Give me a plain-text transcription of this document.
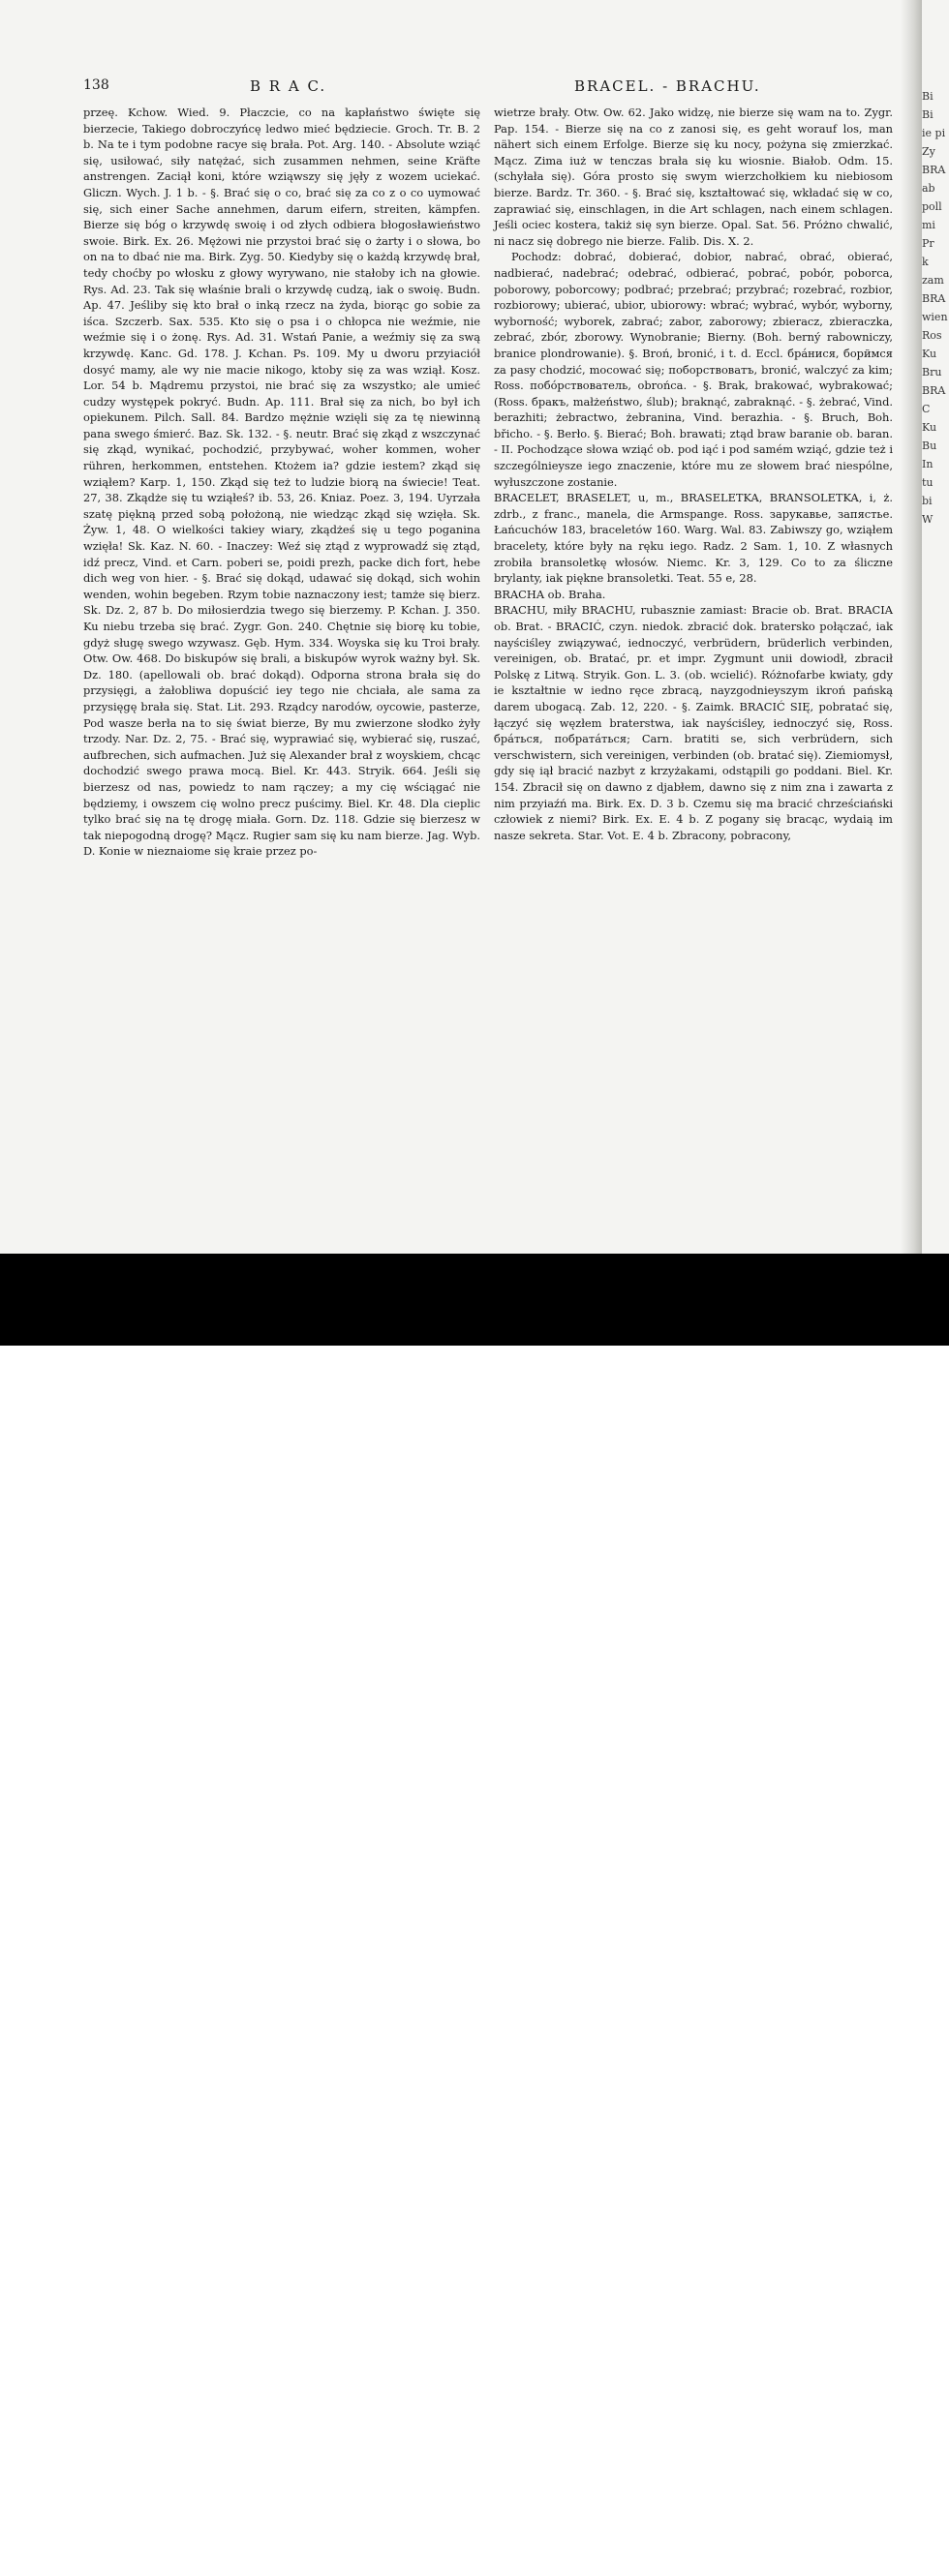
138	B R A C.	BRACEL. - BRACHU.

przeę. Kchow. Wied. 9. Płaczcie, co na kapłaństwo święte się bierzecie, Takiego dobroczyńcę ledwo mieć będziecie. Groch. Tr. B. 2 b. Na te i tym podobne racye się brała. Pot. Arg. 140. - Absolute wziąć się, usiłować, siły natężać, sich zusammen nehmen, seine Kräfte anstrengen. Zaciął koni, które wziąwszy się jęły z wozem uciekać. Gliczn. Wych. J. 1 b. - §. Brać się o co, brać się za co z o co uymować się, sich einer Sache annehmen, darum eifern, streiten, kämpfen. Bierze się bóg o krzywdę swoię i od złych odbiera błogosławieństwo swoie. Birk. Ex. 26. Mężowi nie przystoi brać się o żarty i o słowa, bo on na to dbać nie ma. Birk. Zyg. 50. Kiedyby się o każdą krzywdę brał, tedy choćby po włosku z głowy wyrywano, nie stałoby ich na głowie. Rys. Ad. 23. Tak się właśnie brali o krzywdę cudzą, iak o swoię. Budn. Ap. 47. Jeśliby się kto brał o inką rzecz na żyda, biorąc go sobie za iśca. Szczerb. Sax. 535. Kto się o psa i o chłopca nie weźmie, nie weźmie się i o żonę. Rys. Ad. 31. Wstań Panie, a weźmiy się za swą krzywdę. Kanc. Gd. 178. J. Kchan. Ps. 109. My u dworu przyiaciół dosyć mamy, ale wy nie macie nikogo, ktoby się za was wziął. Kosz. Lor. 54 b. Mądremu przystoi, nie brać się za wszystko; ale umieć cudzy występek pokryć. Budn. Ap. 111. Brał się za nich, bo był ich opiekunem. Pilch. Sall. 84. Bardzo mężnie wzięli się za tę niewinną pana swego śmierć. Baz. Sk. 132. - §. neutr. Brać się zkąd z wszczynać się zkąd, wynikać, pochodzić, przybywać, woher kommen, woher rühren, herkommen, entstehen. Ktożem ia? gdzie iestem? zkąd się wziąłem? Karp. 1, 150. Zkąd się też to ludzie biorą na świecie! Teat. 27, 38. Zkądże się tu wziąłeś? ib. 53, 26. Kniaz. Poez. 3, 194. Uyrzała szatę piękną przed sobą położoną, nie wiedząc zkąd się wzięła. Sk. Żyw. 1, 48. O wielkości takiey wiary, zkądżeś się u tego poganina wzięła! Sk. Kaz. N. 60. - Inaczey: Weź się ztąd z wyprowadź się ztąd, idź precz, Vind. et Carn. poberi se, poidi prezh, packe dich fort, hebe dich weg von hier. - §. Brać się dokąd, udawać się dokąd, sich wohin wenden, wohin begeben. Rzym tobie naznaczony iest; tamże się bierz. Sk. Dz. 2, 87 b. Do miłosierdzia twego się bierzemy. P. Kchan. J. 350. Ku niebu trzeba się brać. Zygr. Gon. 240. Chętnie się biorę ku tobie, gdyż sługę swego wzywasz. Gęb. Hym. 334. Woyska się ku Troi brały. Otw. Ow. 468. Do biskupów się brali, a biskupów wyrok ważny był. Sk. Dz. 180. (apellowali ob. brać dokąd). Odporna strona brała się do przysięgi, a żałobliwa dopuścić iey tego nie chciała, ale sama za przysięgę brała się. Stat. Lit. 293. Rządcy narodów, oycowie, pasterze, Pod wasze berła na to się świat bierze, By mu zwierzone słodko żyły trzody. Nar. Dz. 2, 75. - Brać się, wyprawiać się, wybierać się, ruszać, aufbrechen, sich aufmachen. Już się Alexander brał z woyskiem, chcąc dochodzić swego prawa mocą. Biel. Kr. 443. Stryik. 664. Jeśli się bierzesz od nas, powiedz to nam rączey; a my cię wściągać nie będziemy, i owszem cię wolno precz puścimy. Biel. Kr. 48. Dla cieplic tylko brać się na tę drogę miała. Gorn. Dz. 118. Gdzie się bierzesz w tak niepogodną drogę? Mącz. Rugier sam się ku nam bierze. Jag. Wyb. D. Konie w nieznaiome się kraie przez po-

wietrze brały. Otw. Ow. 62. Jako widzę, nie bierze się wam na to. Zygr. Pap. 154. - Bierze się na co z zanosi się, es geht worauf los, man nähert sich einem Erfolge. Bierze się ku nocy, pożyna się zmierzkać. Mącz. Zima iuż w tenczas brała się ku wiosnie. Białob. Odm. 15. (schyłała się). Góra prosto się swym wierzchołkiem ku niebiosom bierze. Bardz. Tr. 360. - §. Brać się, kształtować się, wkładać się w co, zaprawiać się, einschlagen, in die Art schlagen, nach einem schlagen. Jeśli ociec kostera, takiż się syn bierze. Opal. Sat. 56. Próżno chwalić, ni nacz się dobrego nie bierze. Falib. Dis. X. 2.

Pochodz: dobrać, dobierać, dobior, nabrać, obrać, obierać, nadbierać, nadebrać; odebrać, odbierać, pobrać, pobór, poborca, poborowy, poborcowy; podbrać; przebrać; przybrać; rozebrać, rozbior, rozbiorowy; ubierać, ubior, ubiorowy: wbrać; wybrać, wybór, wyborny, wyborność; wyborek, zabrać; zabor, zaborowy; zbieracz, zbieraczka, zebrać, zbór, zborowy. Wynobranie; Bierny. (Boh. berný rabowniczy, branice plondrowanie). §. Broń, bronić, i t. d. Eccl. брáнися, борймся za pasy chodzić, mocować się; поборствоватъ, bronić, walczyć za kim; Ross. побóрствователь, obrońca. - §. Brak, brakować, wybrakować; (Ross. бракъ, małżeństwo, ślub); braknąć, zabraknąć. - §. żebrać, Vind. berazhiti; żebractwo, żebranina, Vind. berazhia. - §. Bruch, Boh. břicho. - §. Berło. §. Bierać; Boh. brawati; ztąd braw baranie ob. baran. - II. Pochodzące słowa wziąć ob. pod iąć i pod samém wziąć, gdzie też i szczególnieysze iego znaczenie, które mu ze słowem brać niespólne, wyłuszczone zostanie.

BRACELET, BRASELET, u, m., BRASELETKA, BRANSOLETKA, i, ż. zdrb., z franc., manela, die Armspange. Ross. зарукавье, запястье. Łańcuchów 183, braceletów 160. Warg. Wal. 83. Zabiwszy go, wziąłem bracelety, które były na ręku iego. Radz. 2 Sam. 1, 10. Z własnych zrobiła bransoletkę włosów. Niemc. Kr. 3, 129. Co to za śliczne brylanty, iak piękne bransoletki. Teat. 55 e, 28.

BRACHA ob. Braha.

BRACHU, miły BRACHU, rubasznie zamiast: Bracie ob. Brat. BRACIA ob. Brat. - BRACIĆ, czyn. niedok. zbracić dok. bratersko połączać, iak nayściśley związywać, iednoczyć, verbrüdern, brüderlich verbinden, vereinigen, ob. Bratać, pr. et impr. Zygmunt unii dowiodł, zbracił Polskę z Litwą. Stryik. Gon. L. 3. (ob. wcielić). Różnofarbe kwiaty, gdy ie kształtnie w iedno ręce zbracą, nayzgodnieyszym ikroń pańską darem ubogacą. Zab. 12, 220. - §. Zaimk. BRACIĆ SIĘ, pobratać się, łączyć się węzłem braterstwa, iak nayściśley, iednoczyć się, Ross. брáться, побратáться; Carn. bratiti se, sich verbrüdern, sich verschwistern, sich vereinigen, verbinden (ob. bratać się). Ziemiomysł, gdy się iął bracić nazbyt z krzyżakami, odstąpili go poddani. Biel. Kr. 154. Zbracił się on dawno z djabłem, dawno się z nim zna i zawarta z nim przyiaźń ma. Birk. Ex. D. 3 b. Czemu się ma bracić chrześciański człowiek z niemi? Birk. Ex. E. 4 b. Z pogany się bracąc, wydaią im nasze sekreta. Star. Vot. E. 4 b. Zbracony, pobracony,

Bi
Bi
ie pi
Zy
BRA
ab
poll
mi
Pr
k
zam
BRA
wien
Ros
Ku
Bru
BRAC
Ku
Bu
In
tu
bi
W
alamy
2HH9NAB
www.alamy.com
